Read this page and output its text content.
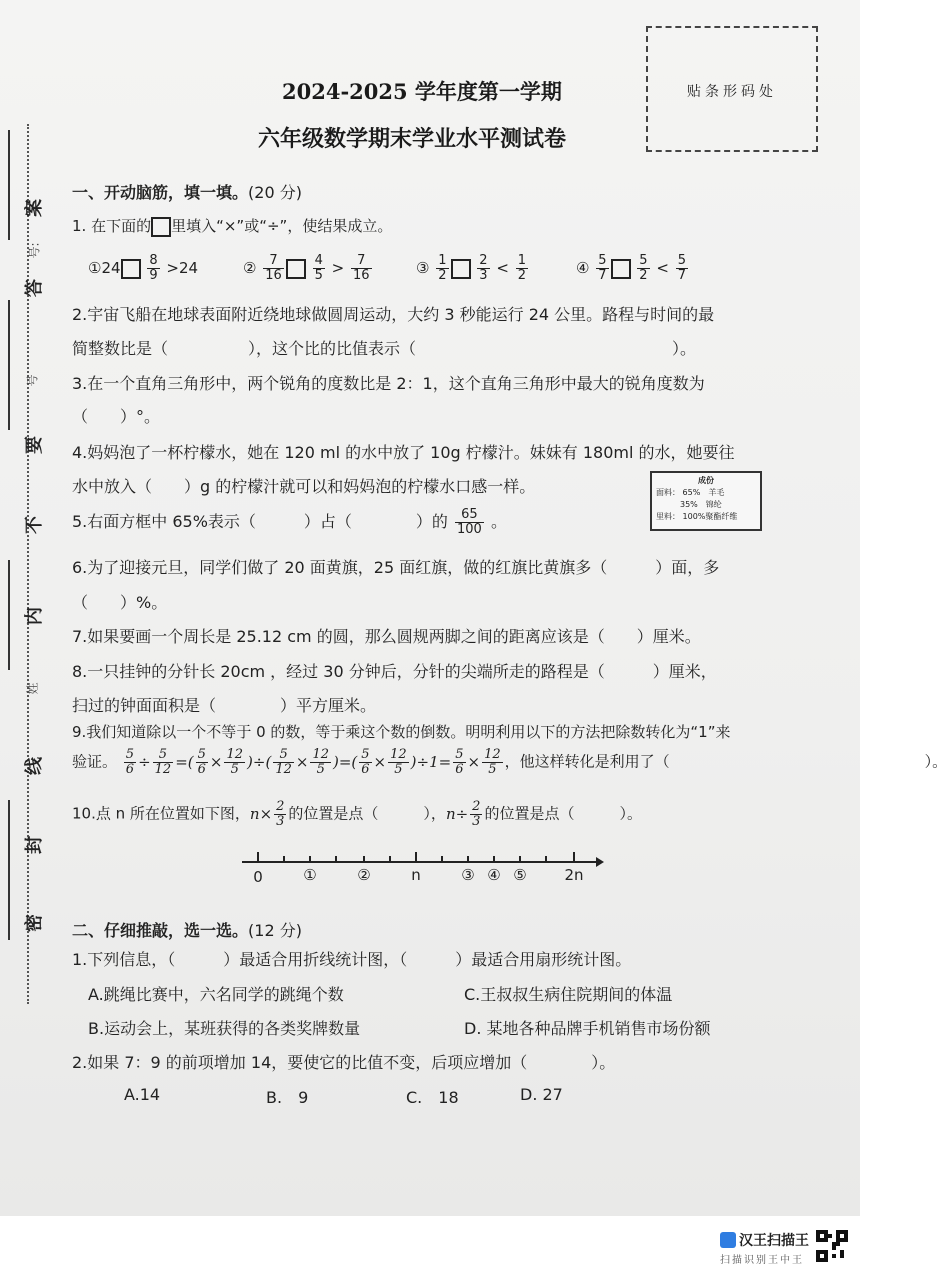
案
答
要
不
内
线
封
密
号:
号
姓
2024-2025 学年度第一学期
六年级数学期末学业水平测试卷
贴条形码处
一、开动脑筋，填一填。(20 分)
1. 在下面的 里填入“×”或“÷”，使结果成立。
①24 $\frac{8}{9} >24$	② $\frac{7}{16}$
$\frac{4}{5} > \frac{7}{16}$	③ $\frac{1}{2}$
$\frac{2}{3} < \frac{1}{2}$	④ $\frac{5}{7}$
$\frac{5}{2} < \frac{5}{7}$
2.宇宙飞船在地球表面附近绕地球做圆周运动，大约 3 秒能运行 24 公里。路程与时间的最
简整数比是（　　　　　），这个比的比值表示（　　　　　　　　　　　　　　　　）。
3.在一个直角三角形中，两个锐角的度数比是 2：1，这个直角三角形中最大的锐角度数为
（　　）°。
4.妈妈泡了一杯柠檬水，她在 120 ml 的水中放了 10g 柠檬汁。妹妹有 180ml 的水，她要往
水中放入（　　）g 的柠檬汁就可以和妈妈泡的柠檬水口感一样。
5.右面方框中 65%表示（　　　）占（　　　　）的 $\frac{65}{100}$ 。
成份
面料： 65%　羊毛
　　　35%　锦纶
里料： 100%聚酯纤维
6.为了迎接元旦，同学们做了 20 面黄旗，25 面红旗，做的红旗比黄旗多（　　　）面，多
（　　）%。
7.如果要画一个周长是 25.12 cm 的圆，那么圆规两脚之间的距离应该是（　　）厘米。
8.一只挂钟的分针长 20cm ，经过 30 分钟后，分针的尖端所走的路程是（　　　）厘米，
扫过的钟面面积是（　　　　）平方厘米。
9.我们知道除以一个不等于 0 的数，等于乘这个数的倒数。明明利用以下的方法把除数转化为“1”来
验证。 $\frac{5}{6} \div \frac{5}{12}$ =( $\frac{5}{6} \times \frac{12}{5}$ )÷( $\frac{5}{12} \times \frac{12}{5}$ )=( $\frac{5}{6} \times \frac{12}{5} )\div 1= \frac{5}{6} \times \frac{12}{5}$ ，他这样转化是利用了（　　　　　　　　　　　　　　　　　）。
10.点 n 所在位置如下图，$n\times \frac{2}{3}$ 的位置是点（　　　），$n\div \frac{2}{3}$ 的位置是点（　　　）。
0	①	②	n	③ ④ ⑤	2n
二、仔细推敲，选一选。(12 分)
1.下列信息，（　　　）最适合用折线统计图，（　　　）最适合用扇形统计图。
A.跳绳比赛中，六名同学的跳绳个数	C.王叔叔生病住院期间的体温
B.运动会上，某班获得的各类奖牌数量	D. 某地各种品牌手机销售市场份额
2.如果 7：9 的前项增加 14，要使它的比值不变，后项应增加（　　　　）。
A.14	B.　9	C.　18	D. 27
汉王扫描王
扫描识别王中王
